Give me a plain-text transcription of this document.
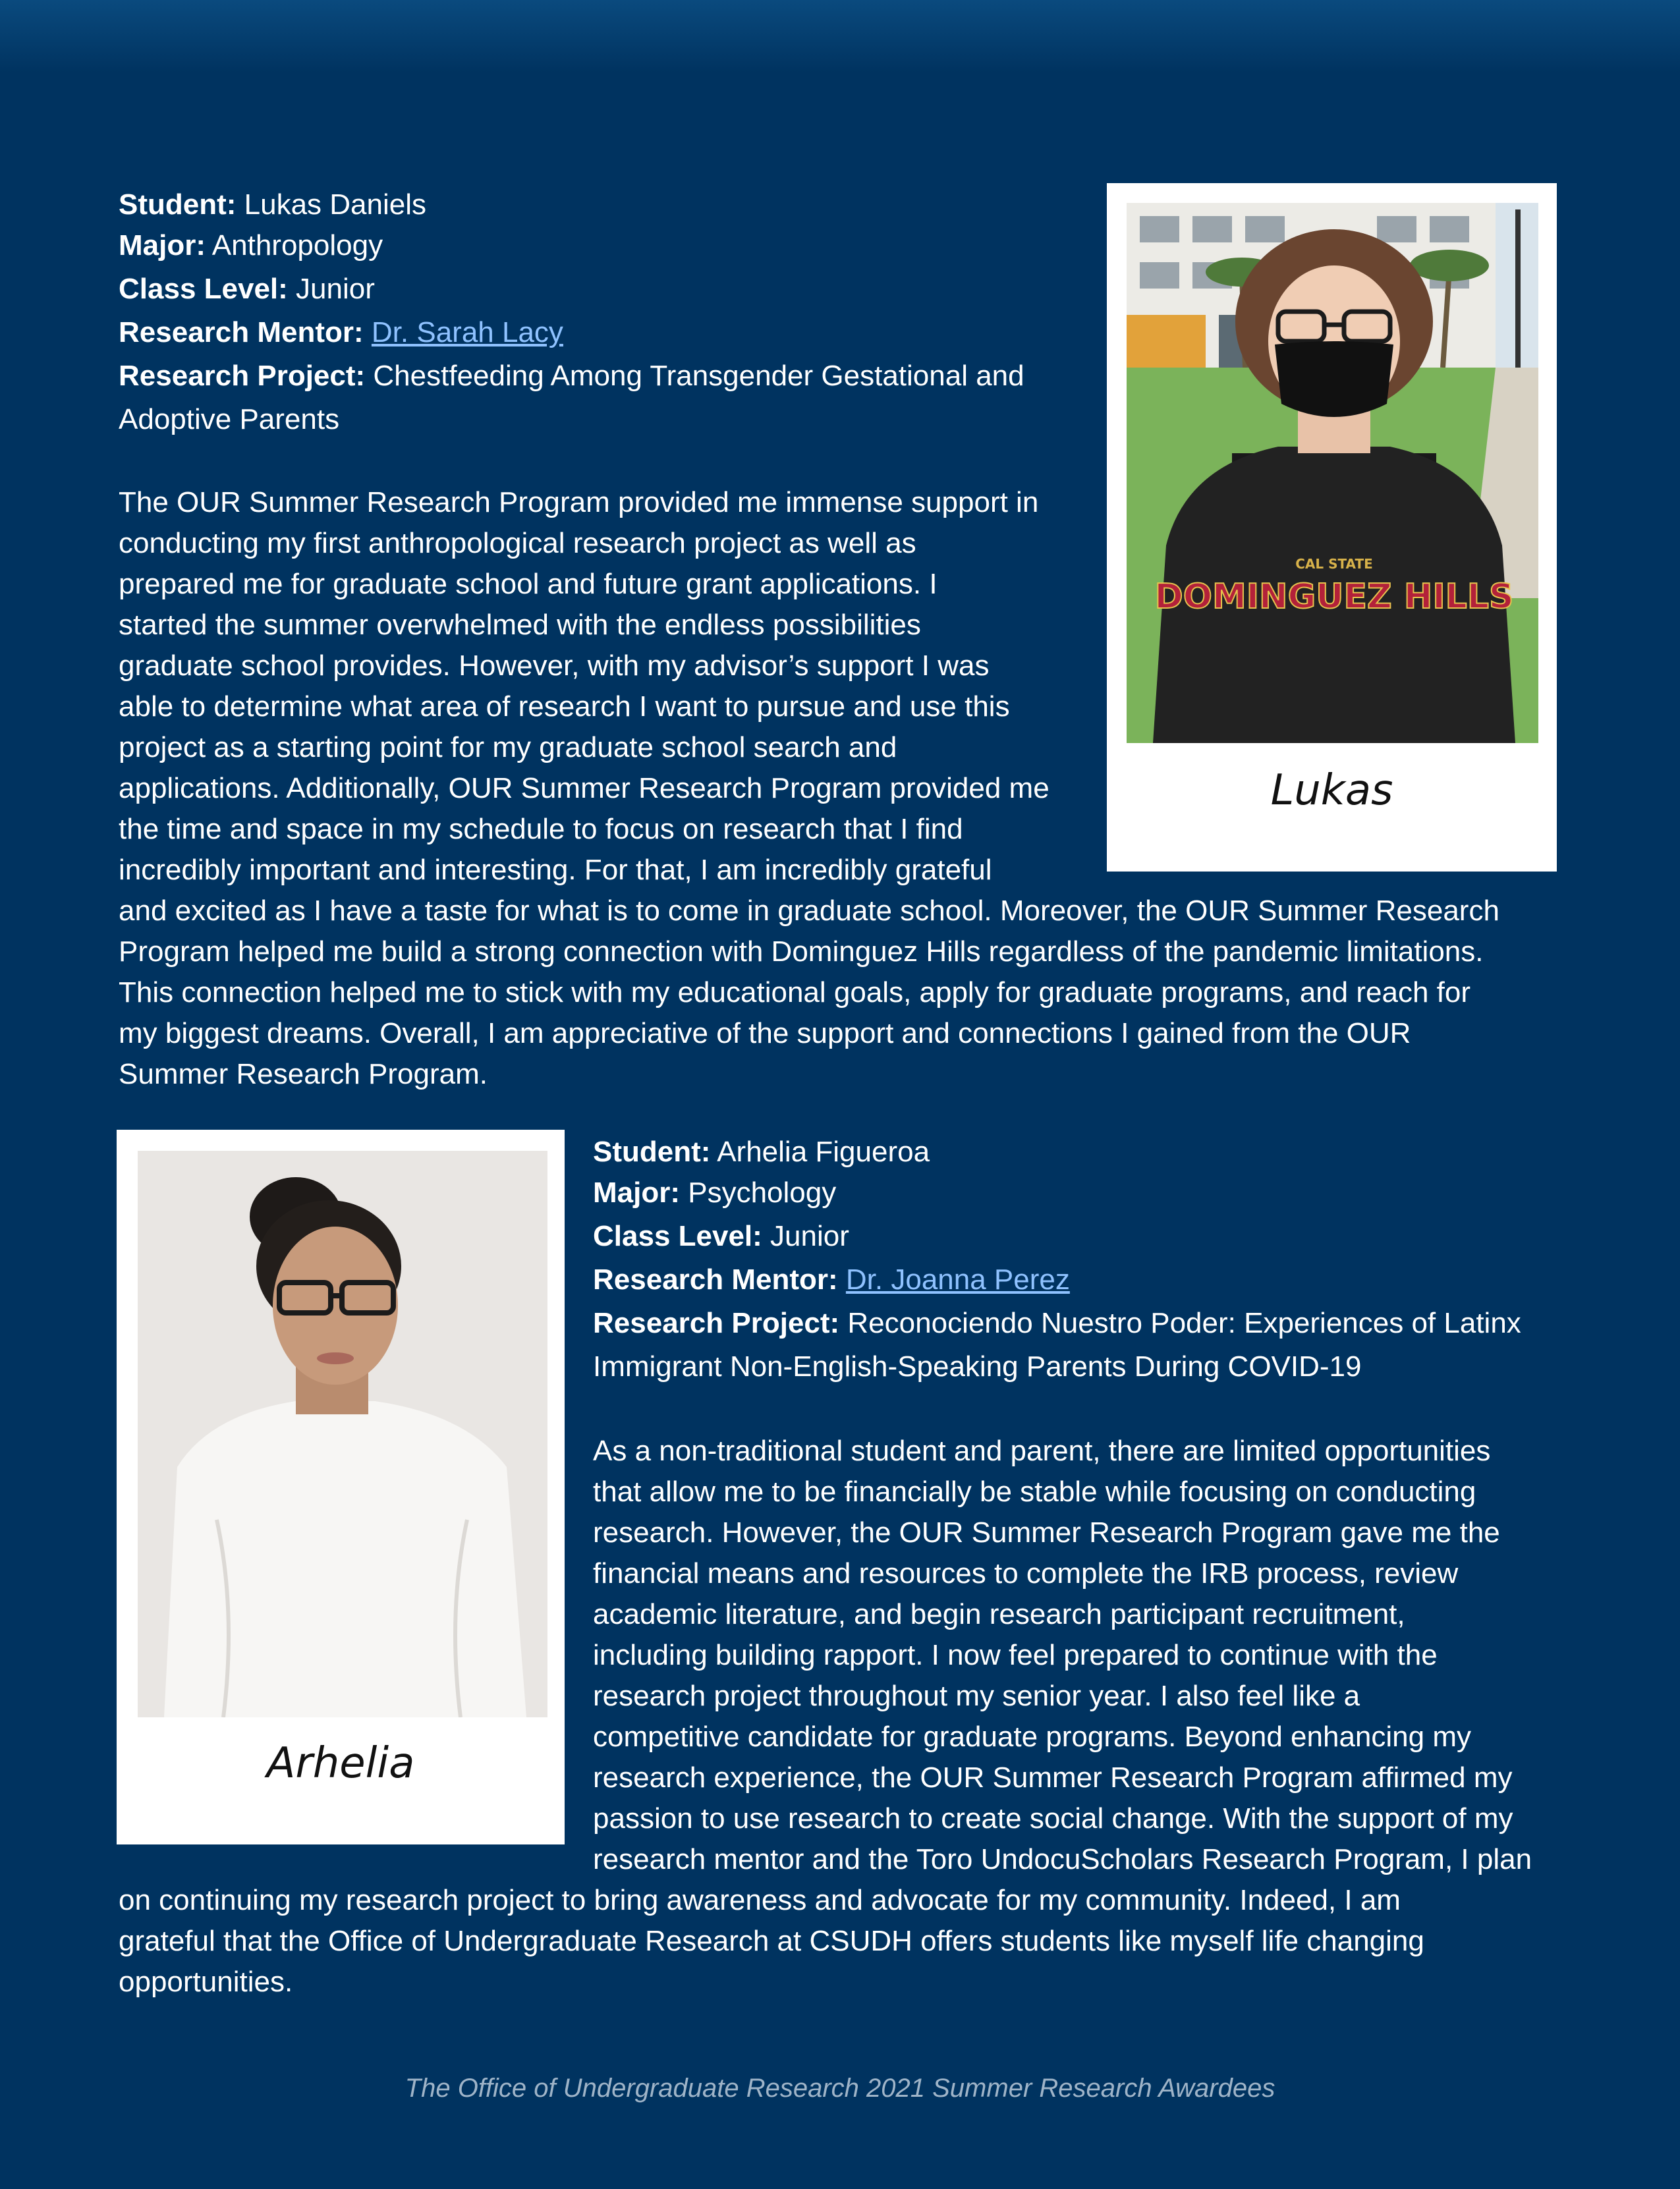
Student: Lukas Daniels
Major: Anthropology
Class Level: Junior
Research Mentor: Dr. Sarah Lacy
Research Project: Chestfeeding Among Transgender Gestational and
Adoptive Parents
The OUR Summer Research Program provided me immense support in
conducting my first anthropological research project as well as
prepared me for graduate school and future grant applications. I
started the summer overwhelmed with the endless possibilities
graduate school provides. However, with my advisor’s support I was
able to determine what area of research I want to pursue and use this
project as a starting point for my graduate school search and
applications. Additionally, OUR Summer Research Program provided me
the time and space in my schedule to focus on research that I find
incredibly important and interesting. For that, I am incredibly grateful
and excited as I have a taste for what is to come in graduate school. Moreover, the OUR Summer Research
Program helped me build a strong connection with Dominguez Hills regardless of the pandemic limitations.
This connection helped me to stick with my educational goals, apply for graduate programs, and reach for
my biggest dreams. Overall, I am appreciative of the support and connections I gained from the OUR
Summer Research Program.
CAL STATE
DOMINGUEZ HILLS
Lukas
Arhelia
Student: Arhelia Figueroa
Major: Psychology
Class Level: Junior
Research Mentor: Dr. Joanna Perez
Research Project: Reconociendo Nuestro Poder: Experiences of Latinx
Immigrant Non-English-Speaking Parents During COVID-19
As a non-traditional student and parent, there are limited opportunities
that allow me to be financially be stable while focusing on conducting
research. However, the OUR Summer Research Program gave me the
financial means and resources to complete the IRB process, review
academic literature, and begin research participant recruitment,
including building rapport. I now feel prepared to continue with the
research project throughout my senior year. I also feel like a
competitive candidate for graduate programs. Beyond enhancing my
research experience, the OUR Summer Research Program affirmed my
passion to use research to create social change. With the support of my
research mentor and the Toro UndocuScholars Research Program, I plan
on continuing my research project to bring awareness and advocate for my community. Indeed, I am
grateful that the Office of Undergraduate Research at CSUDH offers students like myself life changing
opportunities.
The Office of Undergraduate Research 2021 Summer Research Awardees
